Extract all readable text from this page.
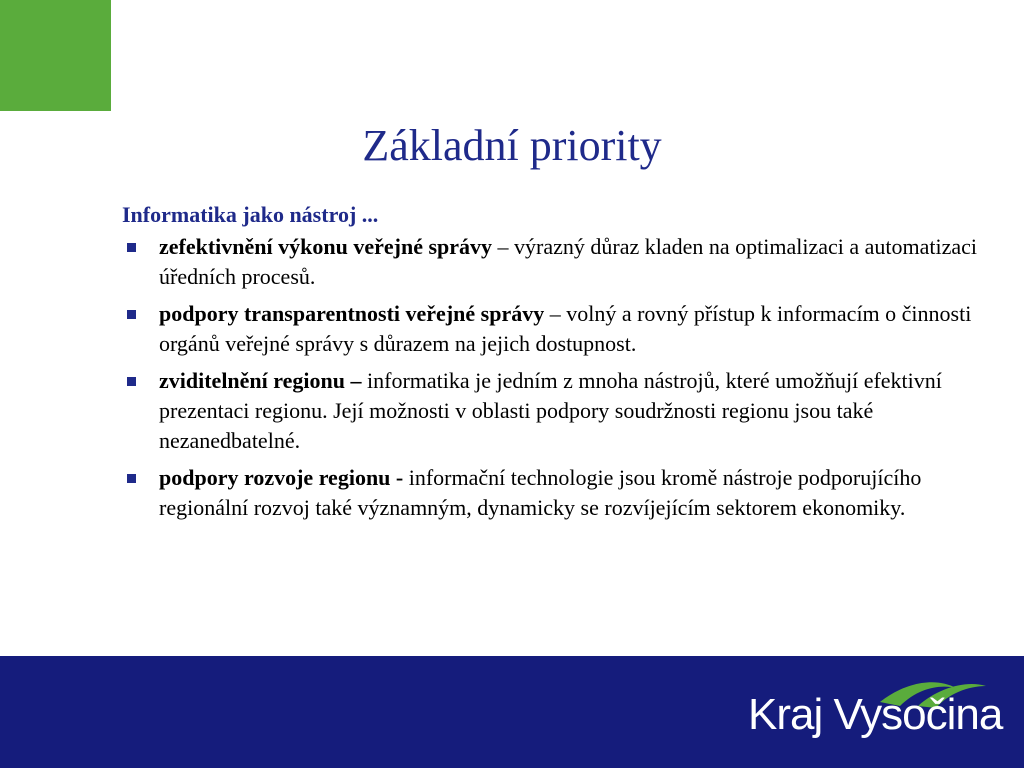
Základní priority

Informatika jako nástroj ...

zefektivnění výkonu veřejné správy – výrazný důraz kladen na optimalizaci a automatizaci úředních procesů.
podpory transparentnosti veřejné správy – volný a rovný přístup k informacím o činnosti orgánů veřejné správy s důrazem na jejich dostupnost.
zviditelnění regionu – informatika je jedním z mnoha nástrojů, které umožňují efektivní prezentaci regionu. Její možnosti v oblasti podpory soudržnosti regionu jsou také nezanedbatelné.
podpory rozvoje regionu - informační technologie jsou kromě nástroje podporujícího regionální rozvoj také významným, dynamicky se rozvíjejícím sektorem ekonomiky.
Kraj Vysočina
